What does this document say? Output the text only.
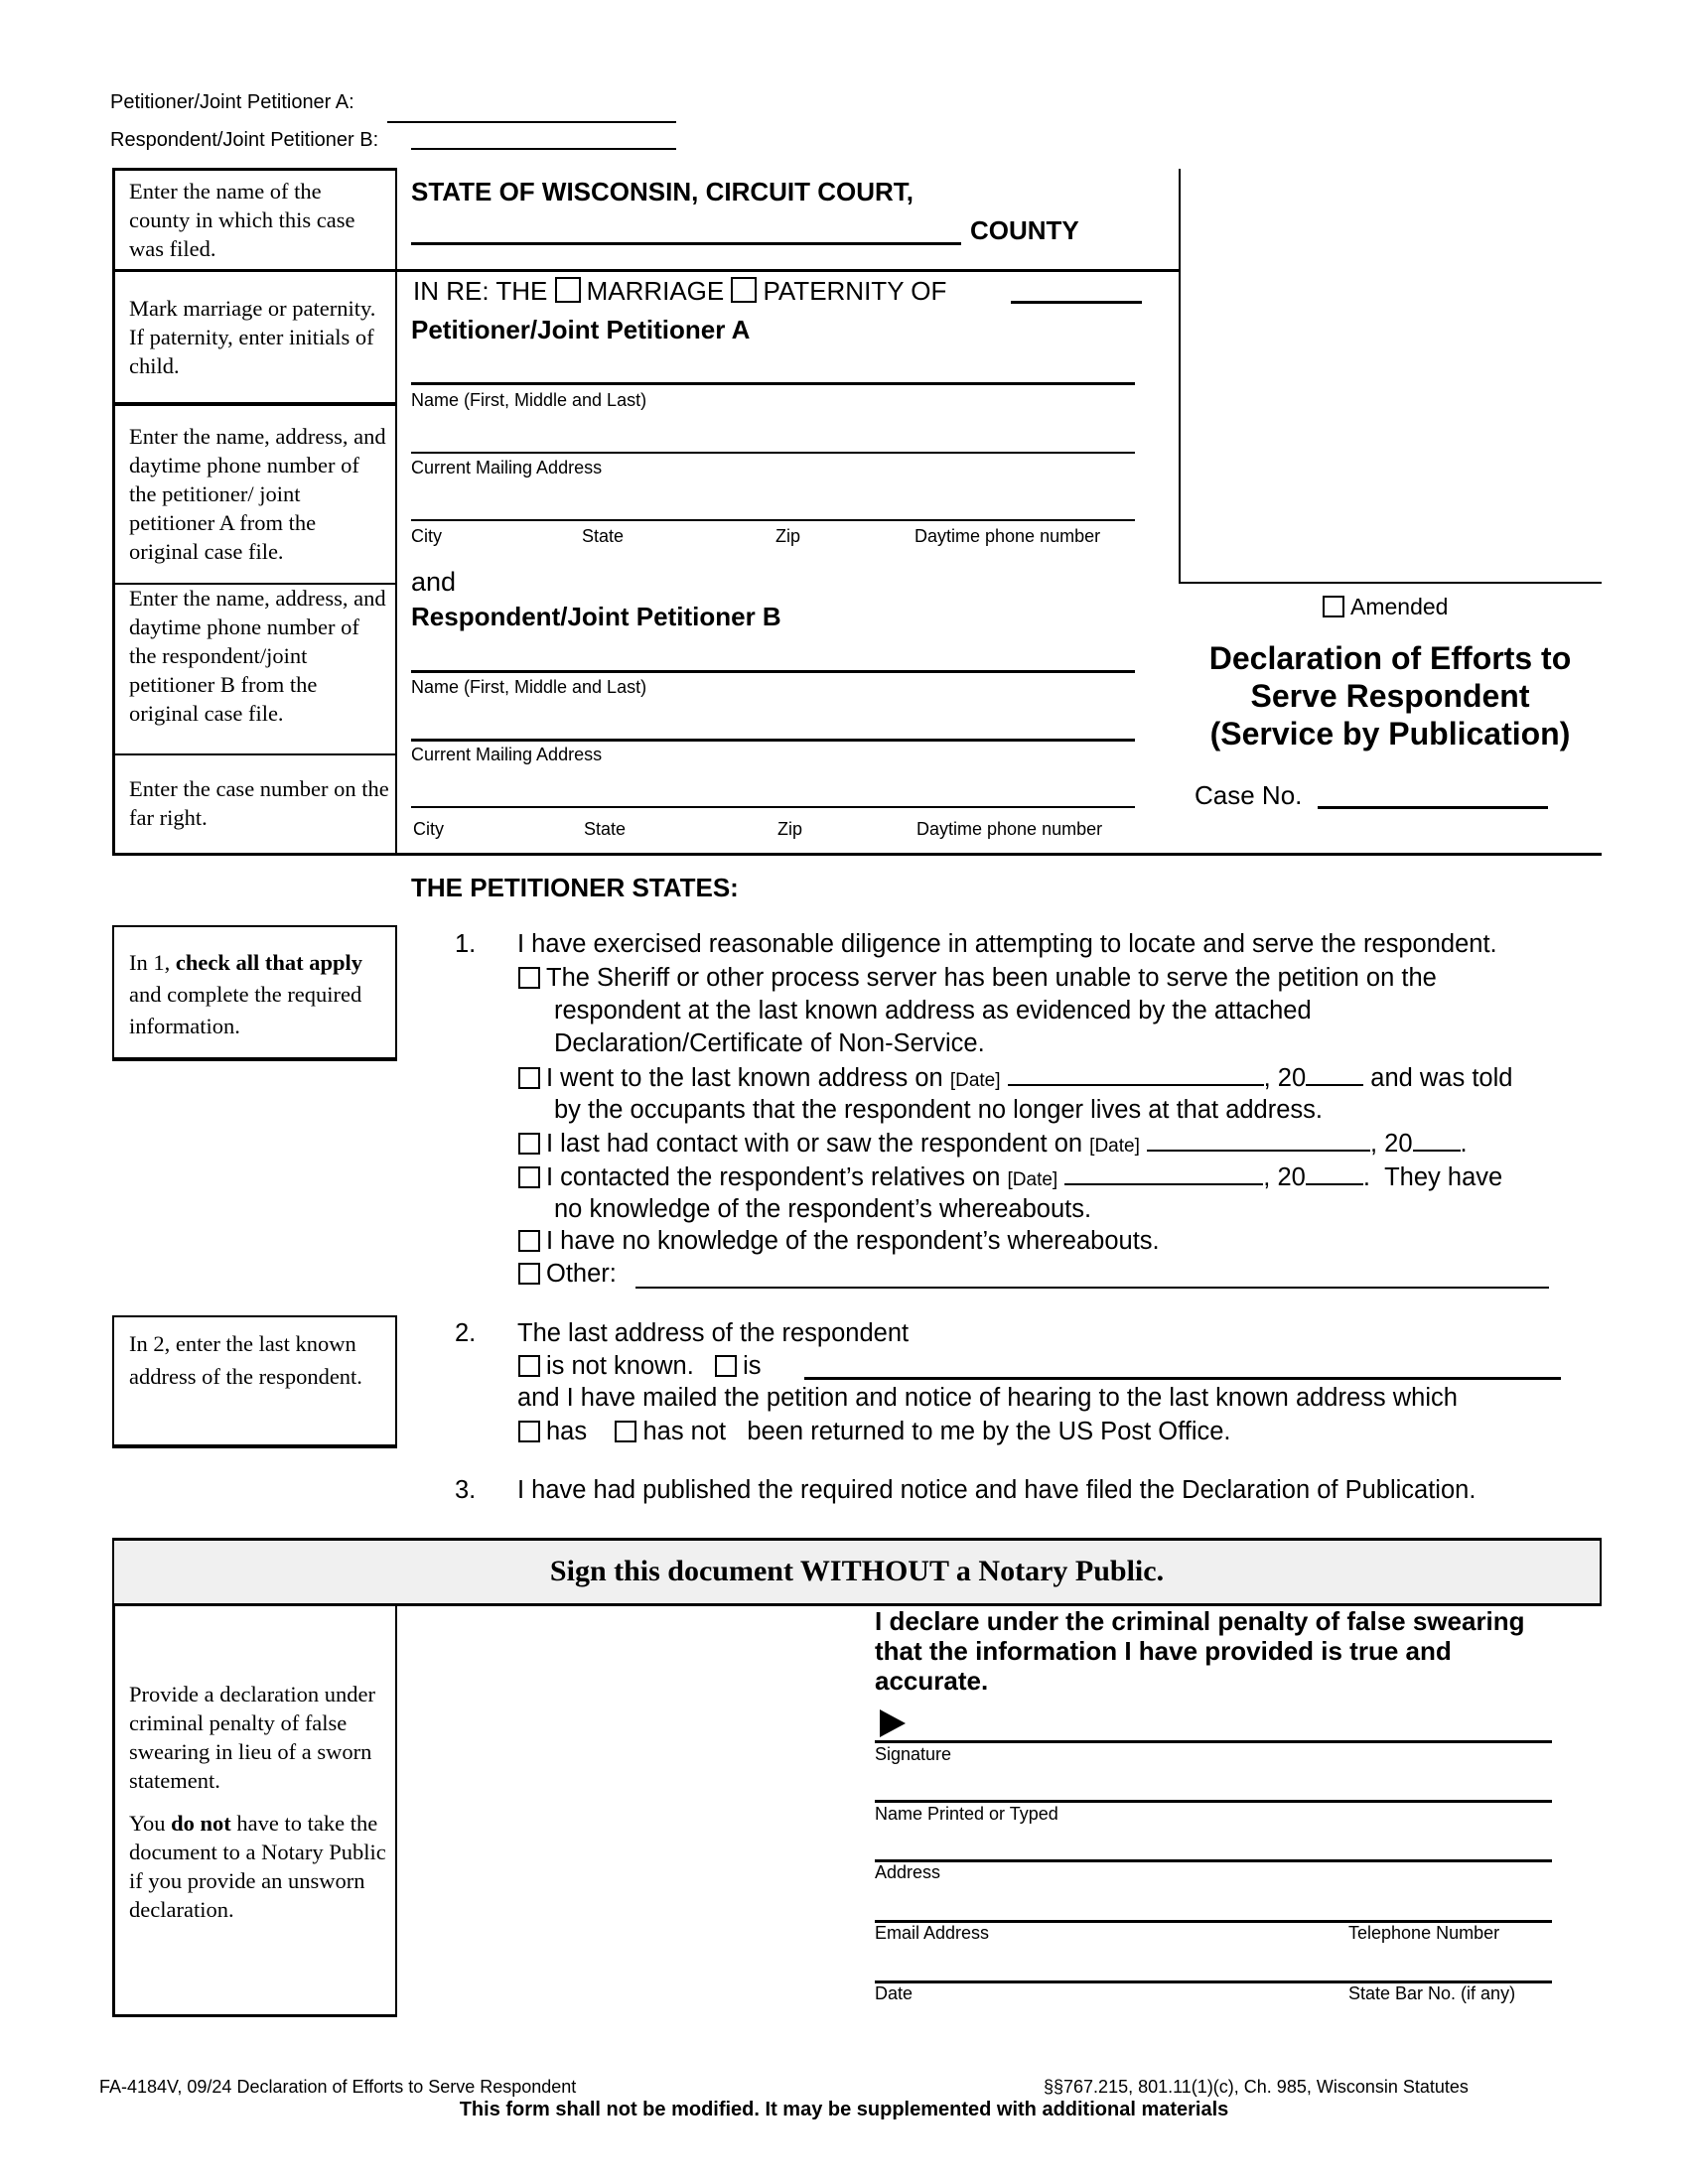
Petitioner/Joint Petitioner A:
Respondent/Joint Petitioner B:
Enter the name of the county in which this case was filed.
Mark marriage or paternity. If paternity, enter initials of child.
Enter the name, address, and daytime phone number of the petitioner/ joint petitioner A from the original case file.
Enter the name, address, and daytime phone number of the respondent/joint petitioner B from the original case file.
Enter the case number on the far right.
STATE OF WISCONSIN, CIRCUIT COURT,
COUNTY
IN RE: THE MARRIAGE PATERNITY OF
Petitioner/Joint Petitioner A
Name (First, Middle and Last)
Current Mailing Address
City	State	Zip	Daytime phone number
and
Respondent/Joint Petitioner B
Name (First, Middle and Last)
Current Mailing Address
City	State	Zip	Daytime phone number
Amended
Declaration of Efforts to
Serve Respondent
(Service by Publication)
Case No.
THE PETITIONER STATES:
In 1, check all that apply and complete the required information.
1. I have exercised reasonable diligence in attempting to locate and serve the respondent.
The Sheriff or other process server has been unable to serve the petition on the
respondent at the last known address as evidenced by the attached
Declaration/Certificate of Non-Service.
I went to the last known address on [Date]	, 20	and was told
by the occupants that the respondent no longer lives at that address.
I last had contact with or saw the respondent on [Date]	, 20 .
I contacted the respondent’s relatives on [Date]	, 20 .  They have
no knowledge of the respondent’s whereabouts.
I have no knowledge of the respondent’s whereabouts.
Other:
In 2, enter the last known address of the respondent.
2. The last address of the respondent
is not known. is
and I have mailed the petition and notice of hearing to the last known address which
has has not been returned to me by the US Post Office.
3. I have had published the required notice and have filed the Declaration of Publication.
Sign this document WITHOUT a Notary Public.
Provide a declaration under criminal penalty of false swearing in lieu of a sworn statement.
You do not have to take the document to a Notary Public if you provide an unsworn declaration.
I declare under the criminal penalty of false swearing
that the information I have provided is true and
accurate.
Signature
Name Printed or Typed
Address
Email Address	Telephone Number
Date	State Bar No. (if any)
FA-4184V, 09/24 Declaration of Efforts to Serve Respondent	§§767.215, 801.11(1)(c), Ch. 985, Wisconsin Statutes
This form shall not be modified. It may be supplemented with additional materials
